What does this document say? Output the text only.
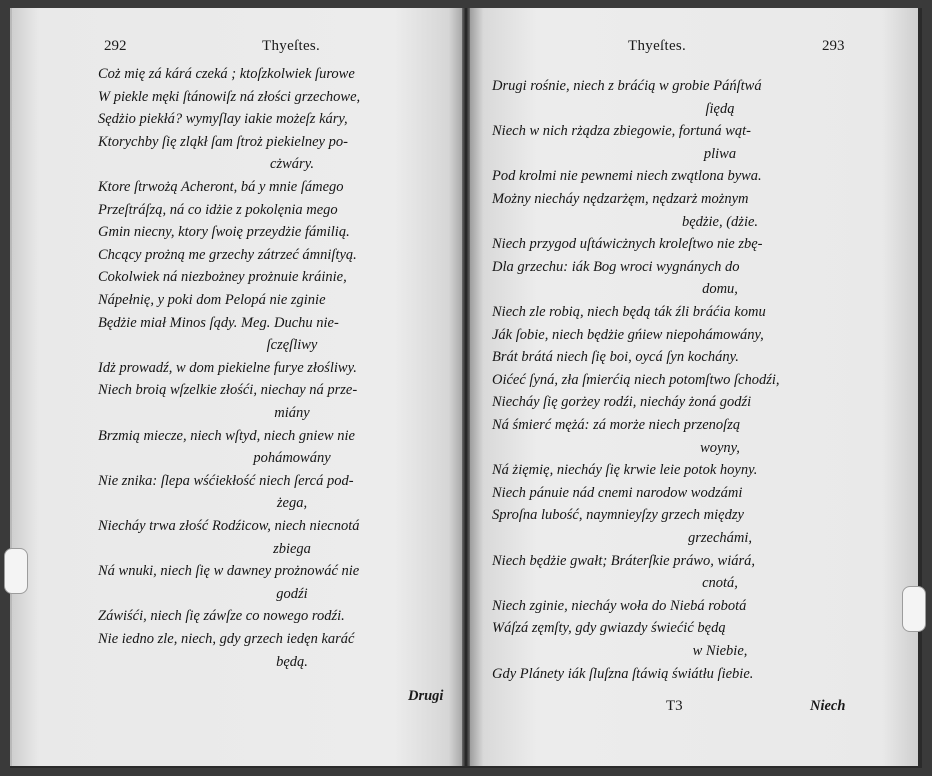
292	Thyeſtes.
Coż mię zá kárá czeká ; ktoſzkolwiek ſurowe
W piekle męki ſtánowiſz ná złości grzechowe,
Sędżio piekłá? wymyſlay iakie możeſz káry,
Ktorychby ſię zląkł ſam ſtroż piekielney po-
cżwáry.
Ktore ſtrwożą Acheront, bá y mnie ſámego
Przeſtráſzą, ná co idżie z pokolęnia mego
Gmin niecny, ktory ſwoię przeydżie fámilią.
Chcący prożną me grzechy zátrzeć ámniſtyą.
Cokolwiek ná niezbożney prożnuie kráinie,
Nápełnię, y poki dom Pelopá nie zginie
Będżie miał Minos ſądy. Meg. Duchu nie-
ſczęſliwy
Idż prowadź, w dom piekielne furye złośliwy.
Niech broią wſzelkie złośći, niechay ná prze-
miány
Brzmią miecze, niech wſtyd, niech gniew nie
pohámowány
Nie znika: ſlepa wśćiekłość niech ſercá pod-
żega,
Niecháy trwa złość Rodźicow, niech niecnotá
zbiega
Ná wnuki, niech ſię w dawney prożnowáć nie
godźi
Záwiśći, niech ſię záwſze co nowego rodźi.
Nie iedno zle, niech, gdy grzech iedęn karáć
będą.
Drugi
Thyeſtes.	293
Drugi rośnie, niech z bráćią w grobie Páńſtwá
ſiędą
Niech w nich rżądza zbiegowie, fortuná wąt-
pliwa
Pod krolmi nie pewnemi niech zwątlona bywa.
Możny niecháy nędzarżęm, nędzarż możnym
będżie, (dżie.
Niech przygod uſtáwicżnych kroleſtwo nie zbę-
Dla grzechu: iák Bog wroci wygnánych do
domu,
Niech zle robią, niech będą ták źli bráćia komu
Ják ſobie, niech będżie gńiew niepohámowány,
Brát brátá niech ſię boi, oycá ſyn kochány.
Oićeć ſyná, zła ſmierćią niech potomſtwo ſchodźi,
Niecháy ſię gorżey rodźi, niecháy żoná godźi
Ná śmierć mężá: zá morże niech przenoſzą
woyny,
Ná żięmię, niecháy ſię krwie leie potok hoyny.
Niech pánuie nád cnemi narodow wodzámi
Sproſna lubość, naymnieyſzy grzech między
grzechámi,
Niech będżie gwałt; Bráterſkie práwo, wiárá,
cnotá,
Niech zginie, niecháy woła do Niebá robotá
Wáſzá zęmſty, gdy gwiazdy świećić będą
w Niebie,
Gdy Plánety iák ſluſzna ſtáwią świátłu ſiebie.
T3	Niech
